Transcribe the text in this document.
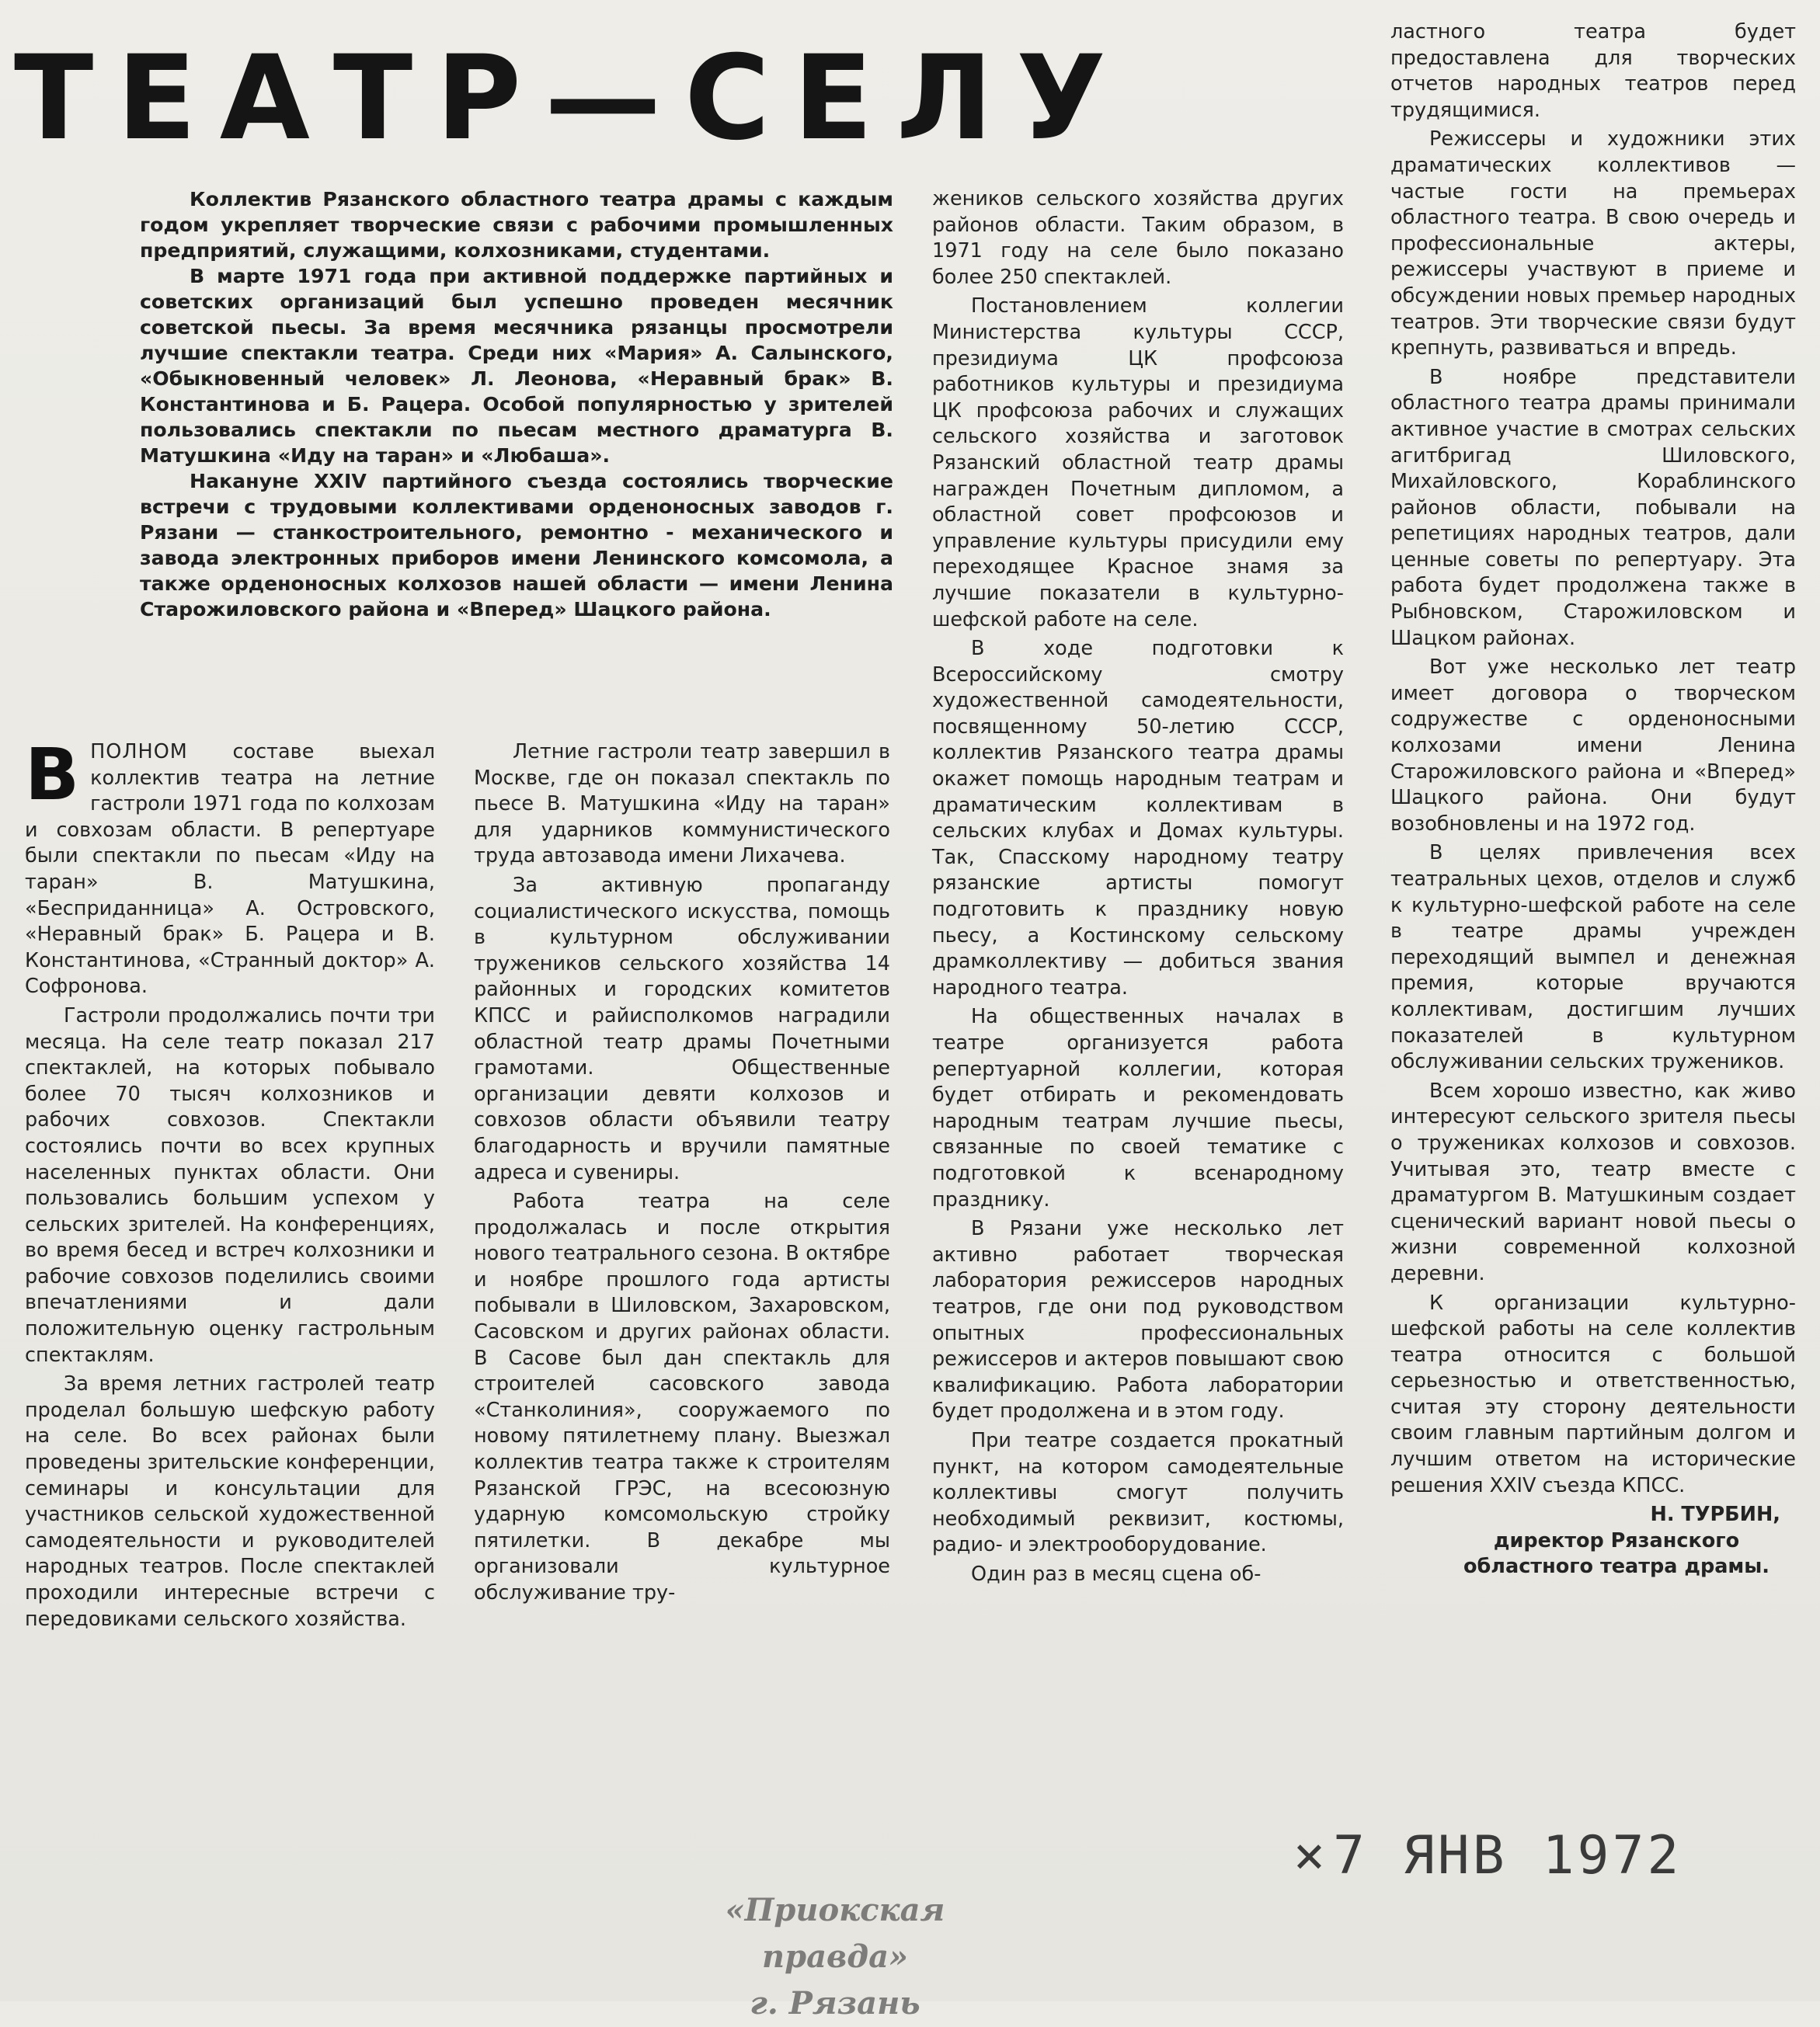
ТЕАТР—СЕЛУ

Коллектив Рязанского областного театра драмы с каждым годом укрепляет творческие связи с рабочими промышленных предприятий, служащими, колхозниками, студентами.

В марте 1971 года при активной поддержке партийных и советских организаций был успешно проведен месячник советской пьесы. За время месячника рязанцы просмотрели лучшие спектакли театра. Среди них «Мария» А. Салынского, «Обыкновенный человек» Л. Леонова, «Неравный брак» В. Константинова и Б. Рацера. Особой популярностью у зрителей пользовались спектакли по пьесам местного драматурга В. Матушкина «Иду на таран» и «Любаша».

Накануне XXIV партийного съезда состоялись творческие встречи с трудовыми коллективами орденоносных заводов г. Рязани — станкостроительного, ремонтно - механического и завода электронных приборов имени Ленинского комсомола, а также орденоносных колхозов нашей области — имени Ленина Старожиловского района и «Вперед» Шацкого района.

ВПОЛНОМ составе выехал коллектив театра на летние гастроли 1971 года по колхозам и совхозам области. В репертуаре были спектакли по пьесам «Иду на таран» В. Матушкина, «Бесприданница» А. Островского, «Неравный брак» Б. Рацера и В. Константинова, «Странный доктор» А. Софронова.

Гастроли продолжались почти три месяца. На селе театр показал 217 спектаклей, на которых побывало более 70 тысяч колхозников и рабочих совхозов. Спектакли состоялись почти во всех крупных населенных пунктах области. Они пользовались большим успехом у сельских зрителей. На конференциях, во время бесед и встреч колхозники и рабочие совхозов поделились своими впечатлениями и дали положительную оценку гастрольным спектаклям.

За время летних гастролей театр проделал большую шефскую работу на селе. Во всех районах были проведены зрительские конференции, семинары и консультации для участников сельской художественной самодеятельности и руководителей народных театров. После спектаклей проходили интересные встречи с передовиками сельского хозяйства.

Летние гастроли театр завершил в Москве, где он показал спектакль по пьесе В. Матушкина «Иду на таран» для ударников коммунистического труда автозавода имени Лихачева.

За активную пропаганду социалистического искусства, помощь в культурном обслуживании тружеников сельского хозяйства 14 районных и городских комитетов КПСС и райисполкомов наградили областной театр драмы Почетными грамотами. Общественные организации девяти колхозов и совхозов области объявили театру благодарность и вручили памятные адреса и сувениры.

Работа театра на селе продолжалась и после открытия нового театрального сезона. В октябре и ноябре прошлого года артисты побывали в Шиловском, Захаровском, Сасовском и других районах области. В Сасове был дан спектакль для строителей сасовского завода «Станколиния», сооружаемого по новому пятилетнему плану. Выезжал коллектив театра также к строителям Рязанской ГРЭС, на всесоюзную ударную комсомольскую стройку пятилетки. В декабре мы организовали культурное обслуживание тру-

жеников сельского хозяйства других районов области. Таким образом, в 1971 году на селе было показано более 250 спектаклей.

Постановлением коллегии Министерства культуры СССР, президиума ЦК профсоюза работников культуры и президиума ЦК профсоюза рабочих и служащих сельского хозяйства и заготовок Рязанский областной театр драмы награжден Почетным дипломом, а областной совет профсоюзов и управление культуры присудили ему переходящее Красное знамя за лучшие показатели в культурно-шефской работе на селе.

В ходе подготовки к Всероссийскому смотру художественной самодеятельности, посвященному 50-летию СССР, коллектив Рязанского театра драмы окажет помощь народным театрам и драматическим коллективам в сельских клубах и Домах культуры. Так, Спасскому народному театру рязанские артисты помогут подготовить к празднику новую пьесу, а Костинскому сельскому драмколлективу — добиться звания народного театра.

На общественных началах в театре организуется работа репертуарной коллегии, которая будет отбирать и рекомендовать народным театрам лучшие пьесы, связанные по своей тематике с подготовкой к всенародному празднику.

В Рязани уже несколько лет активно работает творческая лаборатория режиссеров народных театров, где они под руководством опытных профессиональных режиссеров и актеров повышают свою квалификацию. Работа лаборатории будет продолжена и в этом году.

При театре создается прокатный пункт, на котором самодеятельные коллективы смогут получить необходимый реквизит, костюмы, радио- и электрооборудование.

Один раз в месяц сцена об-

ластного театра будет предоставлена для творческих отчетов народных театров перед трудящимися.

Режиссеры и художники этих драматических коллективов — частые гости на премьерах областного театра. В свою очередь и профессиональные актеры, режиссеры участвуют в приеме и обсуждении новых премьер народных театров. Эти творческие связи будут крепнуть, развиваться и впредь.

В ноябре представители областного театра драмы принимали активное участие в смотрах сельских агитбригад Шиловского, Михайловского, Кораблинского районов области, побывали на репетициях народных театров, дали ценные советы по репертуару. Эта работа будет продолжена также в Рыбновском, Старожиловском и Шацком районах.

Вот уже несколько лет театр имеет договора о творческом содружестве с орденоносными колхозами имени Ленина Старожиловского района и «Вперед» Шацкого района. Они будут возобновлены и на 1972 год.

В целях привлечения всех театральных цехов, отделов и служб к культурно-шефской работе на селе в театре драмы учрежден переходящий вымпел и денежная премия, которые вручаются коллективам, достигшим лучших показателей в культурном обслуживании сельских тружеников.

Всем хорошо известно, как живо интересуют сельского зрителя пьесы о тружениках колхозов и совхозов. Учитывая это, театр вместе с драматургом В. Матушкиным создает сценический вариант новой пьесы о жизни современной колхозной деревни.

К организации культурно-шефской работы на селе коллектив театра относится с большой серьезностью и ответственностью, считая эту сторону деятельности своим главным партийным долгом и лучшим ответом на исторические решения XXIV съезда КПСС.

Н. ТУРБИН,
директор Рязанского областного театра драмы.
×7 ЯНВ 1972
«Приокская правда»
г. Рязань
